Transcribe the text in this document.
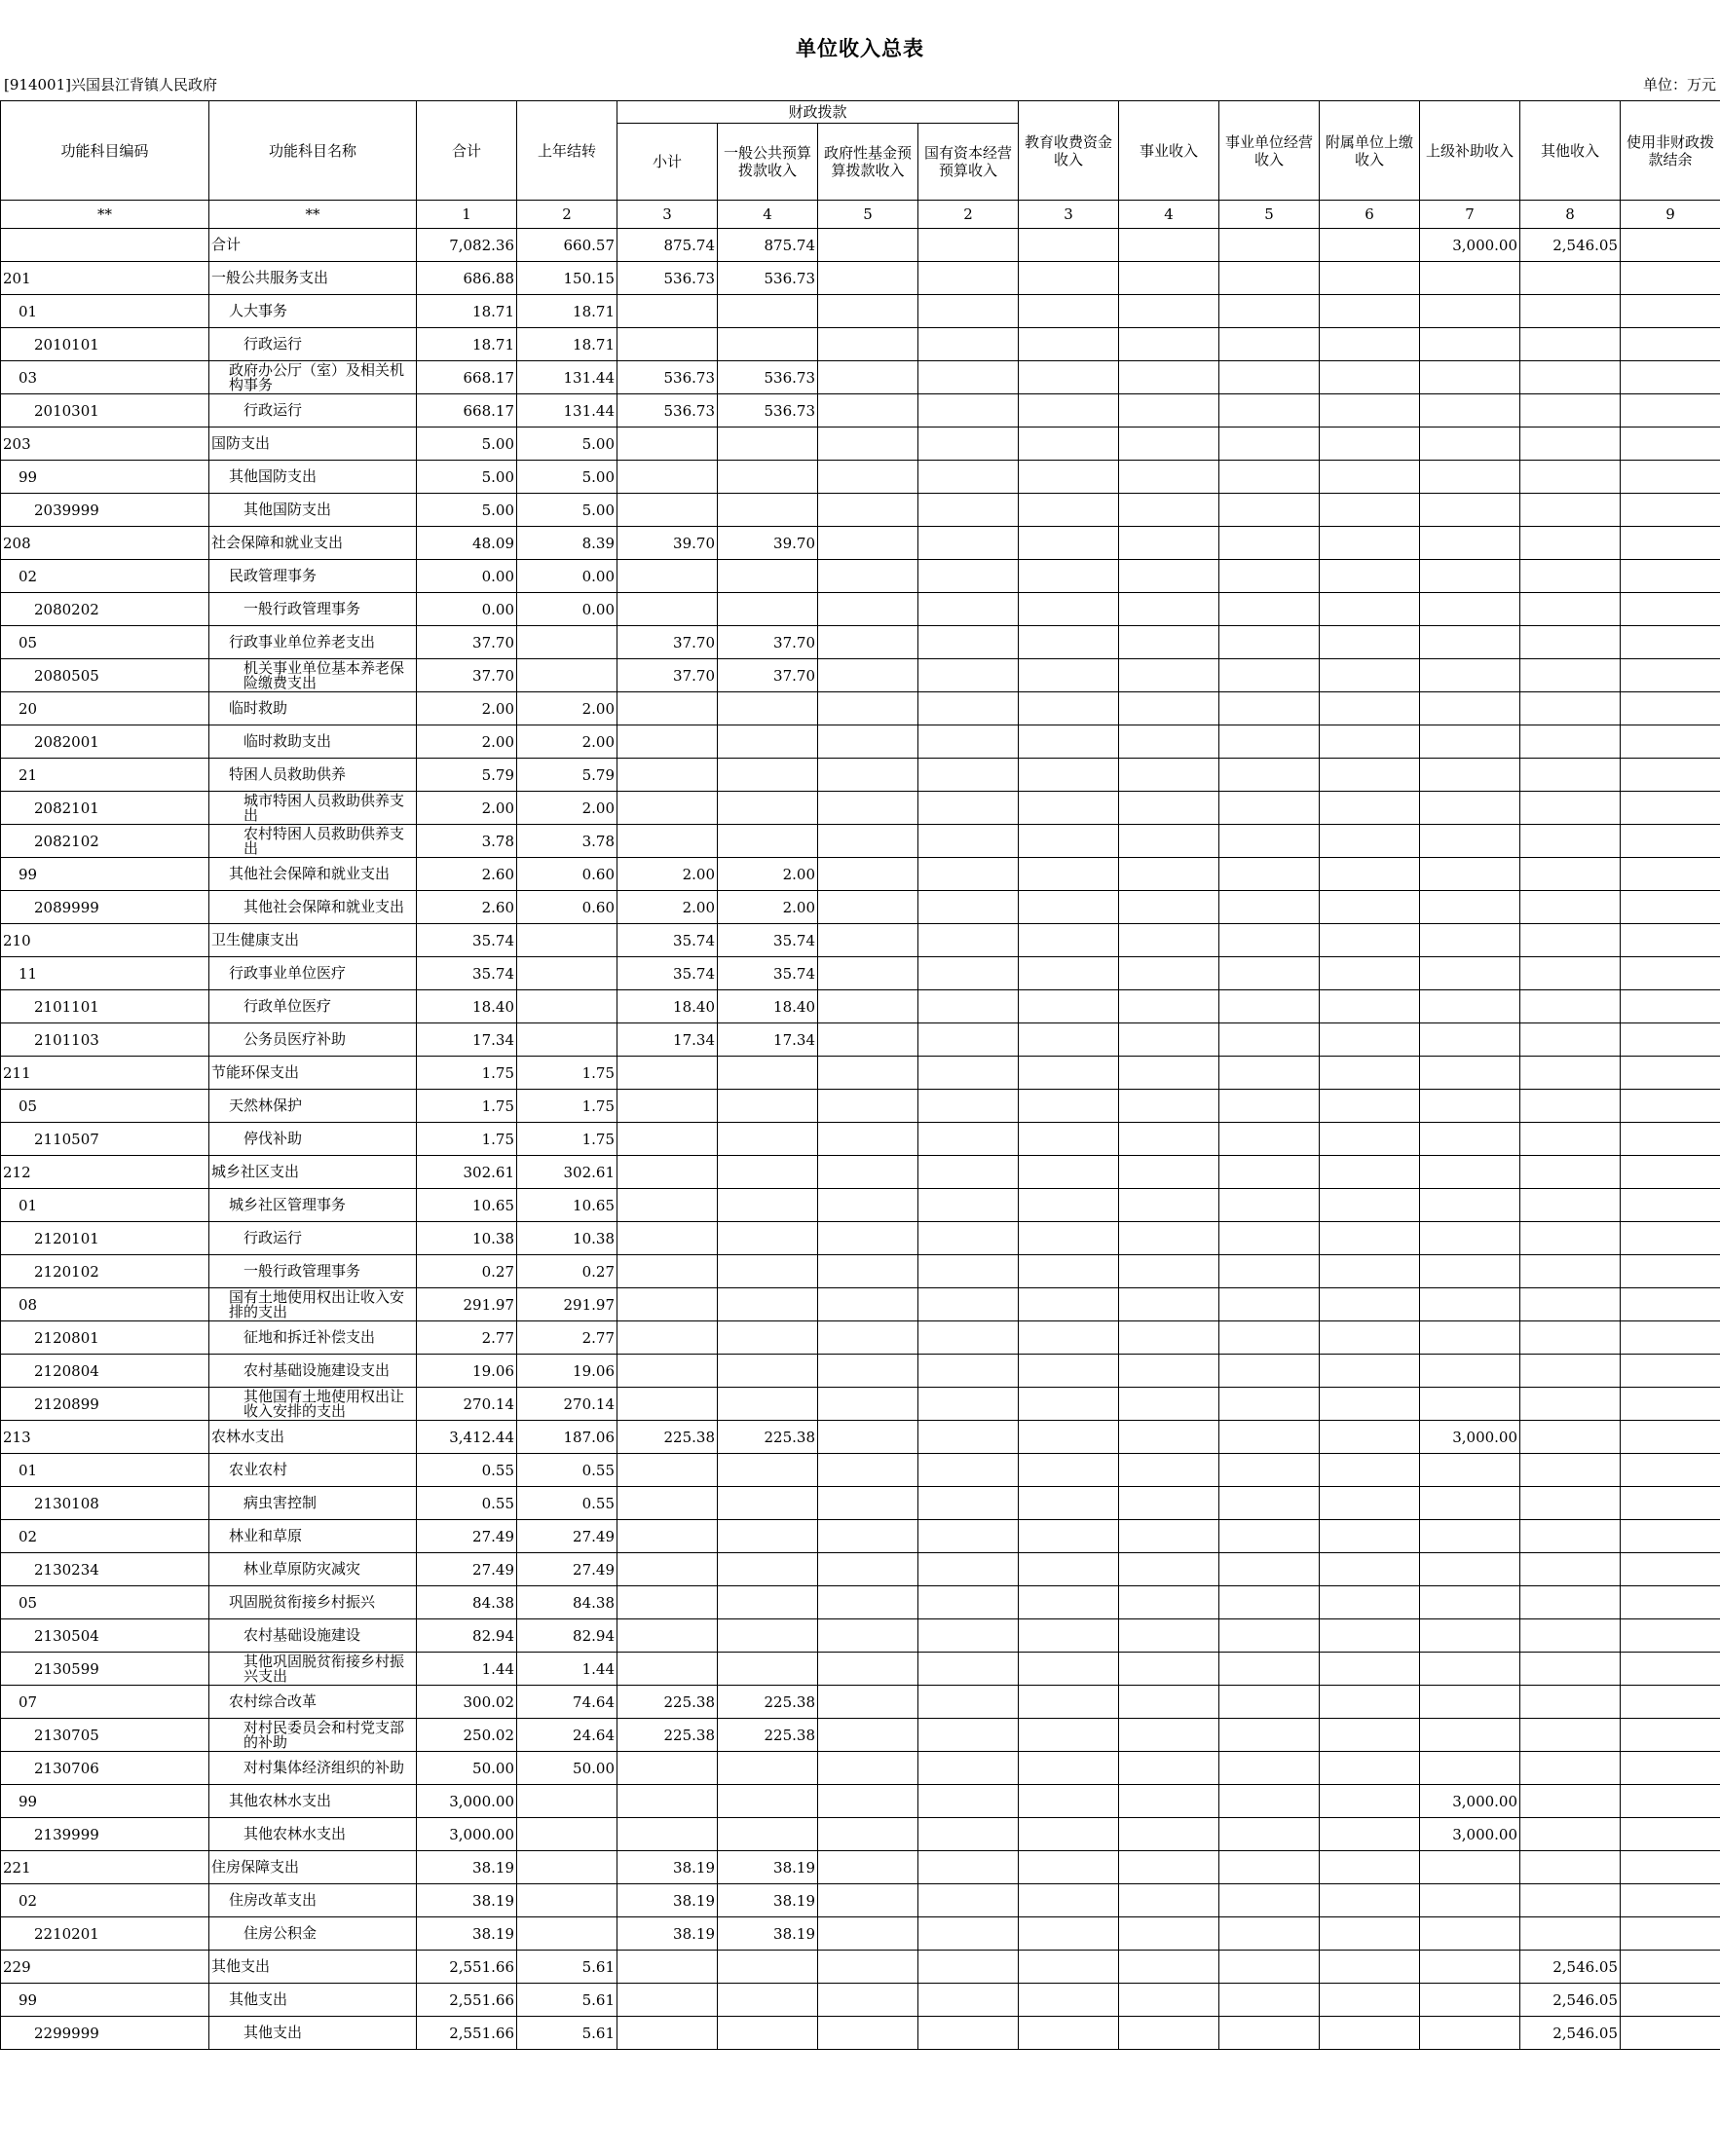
单位收入总表
[914001]兴国县江背镇人民政府	单位：万元
功能科目编码	功能科目名称	合计	上年结转	财政拨款				教育收费资金收入	事业收入	事业单位经营收入	附属单位上缴收入	上级补助收入	其他收入	使用非财政拨款结余
				小计	一般公共预算拨款收入	政府性基金预算拨款收入	国有资本经营预算收入							
**	**	1	2	3	4	5	2	3	4	5	6	7	8	9
	合计	7,082.36	660.57	875.74	875.74							3,000.00	2,546.05	
201	一般公共服务支出	686.88	150.15	536.73	536.73									
01	人大事务	18.71	18.71											
2010101	行政运行	18.71	18.71											
03	政府办公厅（室）及相关机构事务	668.17	131.44	536.73	536.73									
2010301	行政运行	668.17	131.44	536.73	536.73									
203	国防支出	5.00	5.00											
99	其他国防支出	5.00	5.00											
2039999	其他国防支出	5.00	5.00											
208	社会保障和就业支出	48.09	8.39	39.70	39.70									
02	民政管理事务	0.00	0.00											
2080202	一般行政管理事务	0.00	0.00											
05	行政事业单位养老支出	37.70		37.70	37.70									
2080505	机关事业单位基本养老保险缴费支出	37.70		37.70	37.70									
20	临时救助	2.00	2.00											
2082001	临时救助支出	2.00	2.00											
21	特困人员救助供养	5.79	5.79											
2082101	城市特困人员救助供养支出	2.00	2.00											
2082102	农村特困人员救助供养支出	3.78	3.78											
99	其他社会保障和就业支出	2.60	0.60	2.00	2.00									
2089999	其他社会保障和就业支出	2.60	0.60	2.00	2.00									
210	卫生健康支出	35.74		35.74	35.74									
11	行政事业单位医疗	35.74		35.74	35.74									
2101101	行政单位医疗	18.40		18.40	18.40									
2101103	公务员医疗补助	17.34		17.34	17.34									
211	节能环保支出	1.75	1.75											
05	天然林保护	1.75	1.75											
2110507	停伐补助	1.75	1.75											
212	城乡社区支出	302.61	302.61											
01	城乡社区管理事务	10.65	10.65											
2120101	行政运行	10.38	10.38											
2120102	一般行政管理事务	0.27	0.27											
08	国有土地使用权出让收入安排的支出	291.97	291.97											
2120801	征地和拆迁补偿支出	2.77	2.77											
2120804	农村基础设施建设支出	19.06	19.06											
2120899	其他国有土地使用权出让收入安排的支出	270.14	270.14											
213	农林水支出	3,412.44	187.06	225.38	225.38							3,000.00		
01	农业农村	0.55	0.55											
2130108	病虫害控制	0.55	0.55											
02	林业和草原	27.49	27.49											
2130234	林业草原防灾减灾	27.49	27.49											
05	巩固脱贫衔接乡村振兴	84.38	84.38											
2130504	农村基础设施建设	82.94	82.94											
2130599	其他巩固脱贫衔接乡村振兴支出	1.44	1.44											
07	农村综合改革	300.02	74.64	225.38	225.38									
2130705	对村民委员会和村党支部的补助	250.02	24.64	225.38	225.38									
2130706	对村集体经济组织的补助	50.00	50.00											
99	其他农林水支出	3,000.00										3,000.00		
2139999	其他农林水支出	3,000.00										3,000.00		
221	住房保障支出	38.19		38.19	38.19									
02	住房改革支出	38.19		38.19	38.19									
2210201	住房公积金	38.19		38.19	38.19									
229	其他支出	2,551.66	5.61										2,546.05	
99	其他支出	2,551.66	5.61										2,546.05	
2299999	其他支出	2,551.66	5.61										2,546.05	
